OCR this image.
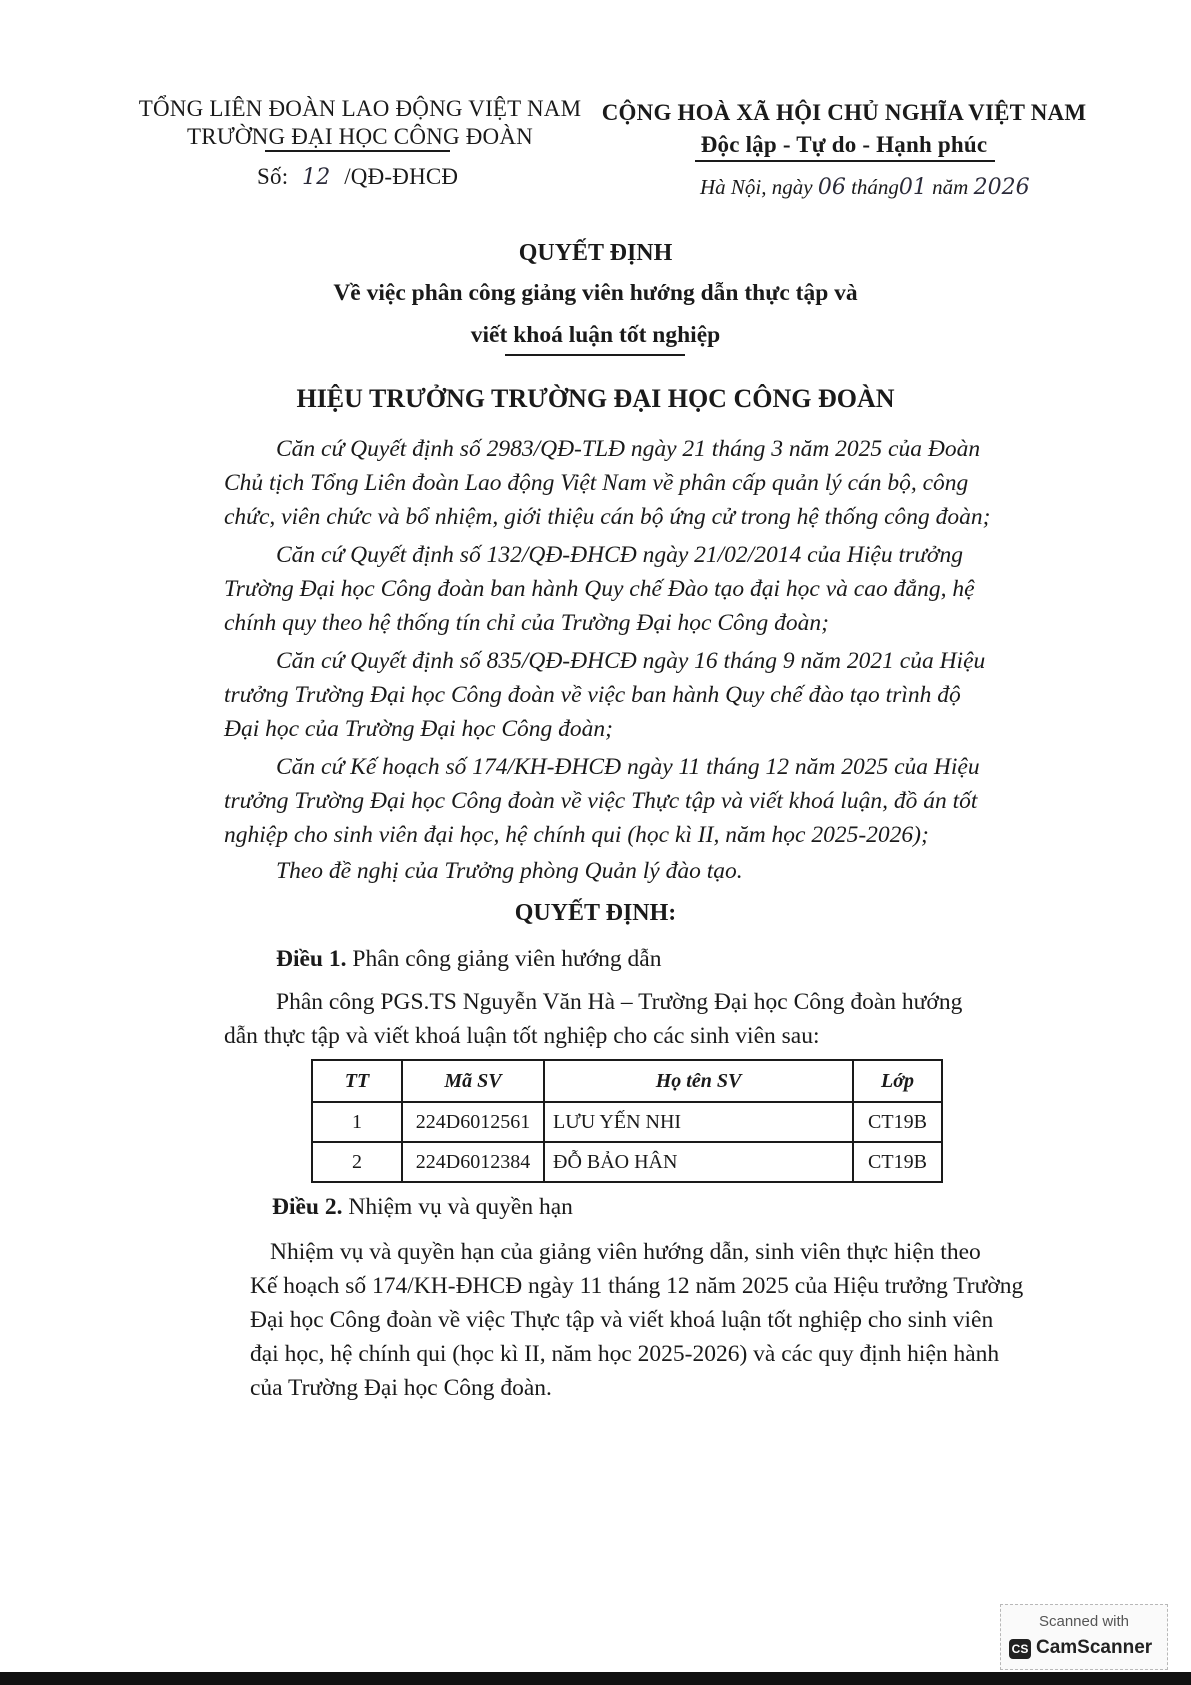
TỔNG LIÊN ĐOÀN LAO ĐỘNG VIỆT NAM
TRƯỜNG ĐẠI HỌC CÔNG ĐOÀN
Số: 12 /QĐ-ĐHCĐ
CỘNG HOÀ XÃ HỘI CHỦ NGHĨA VIỆT NAM
Độc lập - Tự do - Hạnh phúc
Hà Nội, ngày 06 tháng01 năm 2026
QUYẾT ĐỊNH
Về việc phân công giảng viên hướng dẫn thực tập và
viết khoá luận tốt nghiệp
HIỆU TRƯỞNG TRƯỜNG ĐẠI HỌC CÔNG ĐOÀN
Căn cứ Quyết định số 2983/QĐ-TLĐ ngày 21 tháng 3 năm 2025 của Đoàn
Chủ tịch Tổng Liên đoàn Lao động Việt Nam về phân cấp quản lý cán bộ, công
chức, viên chức và bổ nhiệm, giới thiệu cán bộ ứng cử trong hệ thống công đoàn;
Căn cứ Quyết định số 132/QĐ-ĐHCĐ ngày 21/02/2014 của Hiệu trưởng
Trường Đại học Công đoàn ban hành Quy chế Đào tạo đại học và cao đẳng, hệ
chính quy theo hệ thống tín chỉ của Trường Đại học Công đoàn;
Căn cứ Quyết định số 835/QĐ-ĐHCĐ ngày 16 tháng 9 năm 2021 của Hiệu
trưởng Trường Đại học Công đoàn về việc ban hành Quy chế đào tạo trình độ
Đại học của Trường Đại học Công đoàn;
Căn cứ Kế hoạch số 174/KH-ĐHCĐ ngày 11 tháng 12 năm 2025 của Hiệu
trưởng Trường Đại học Công đoàn về việc Thực tập và viết khoá luận, đồ án tốt
nghiệp cho sinh viên đại học, hệ chính qui (học kì II, năm học 2025-2026);
Theo đề nghị của Trưởng phòng Quản lý đào tạo.
QUYẾT ĐỊNH:
Điều 1. Phân công giảng viên hướng dẫn
Phân công PGS.TS Nguyễn Văn Hà – Trường Đại học Công đoàn hướng
dẫn thực tập và viết khoá luận tốt nghiệp cho các sinh viên sau:
TT	Mã SV	Họ tên SV	Lớp
1	224D6012561	LƯU YẾN NHI	CT19B
2	224D6012384	ĐỖ BẢO HÂN	CT19B
Điều 2. Nhiệm vụ và quyền hạn
Nhiệm vụ và quyền hạn của giảng viên hướng dẫn, sinh viên thực hiện theo
Kế hoạch số 174/KH-ĐHCĐ ngày 11 tháng 12 năm 2025 của Hiệu trưởng Trường
Đại học Công đoàn về việc Thực tập và viết khoá luận tốt nghiệp cho sinh viên
đại học, hệ chính qui (học kì II, năm học 2025-2026) và các quy định hiện hành
của Trường Đại học Công đoàn.
Scanned with
CS CamScanner
